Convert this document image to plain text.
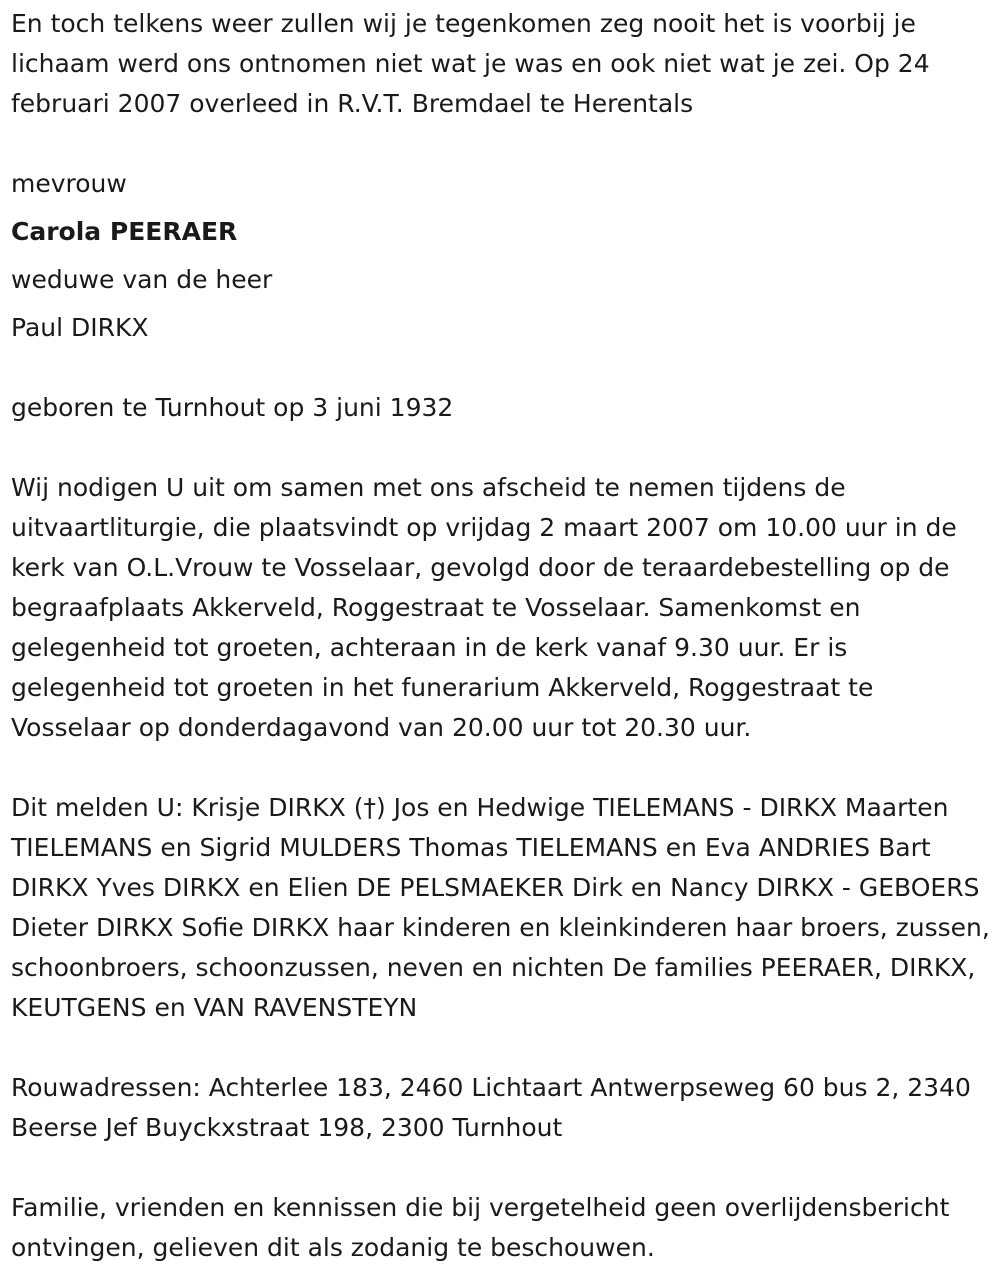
En toch telkens weer zullen wij je tegenkomen zeg nooit het is voorbij je lichaam werd ons ontnomen niet wat je was en ook niet wat je zei. Op 24 februari 2007 overleed in R.V.T. Bremdael te Herentals

mevrouw

Carola PEERAER

weduwe van de heer

Paul DIRKX

geboren te Turnhout op 3 juni 1932

Wij nodigen U uit om samen met ons afscheid te nemen tijdens de uitvaartliturgie, die plaatsvindt op vrijdag 2 maart 2007 om 10.00 uur in de kerk van O.L.Vrouw te Vosselaar, gevolgd door de teraardebestelling op de begraafplaats Akkerveld, Roggestraat te Vosselaar. Samenkomst en gelegenheid tot groeten, achteraan in de kerk vanaf 9.30 uur. Er is gelegenheid tot groeten in het funerarium Akkerveld, Roggestraat te Vosselaar op donderdagavond van 20.00 uur tot 20.30 uur.

Dit melden U: Krisje DIRKX (†) Jos en Hedwige TIELEMANS - DIRKX Maarten TIELEMANS en Sigrid MULDERS Thomas TIELEMANS en Eva ANDRIES Bart DIRKX Yves DIRKX en Elien DE PELSMAEKER Dirk en Nancy DIRKX - GEBOERS Dieter DIRKX Sofie DIRKX haar kinderen en kleinkinderen haar broers, zussen, schoonbroers, schoonzussen, neven en nichten De families PEERAER, DIRKX, KEUTGENS en VAN RAVENSTEYN

Rouwadressen: Achterlee 183, 2460 Lichtaart Antwerpseweg 60 bus 2, 2340 Beerse Jef Buyckxstraat 198, 2300 Turnhout

Familie, vrienden en kennissen die bij vergetelheid geen overlijdensbericht ontvingen, gelieven dit als zodanig te beschouwen.
